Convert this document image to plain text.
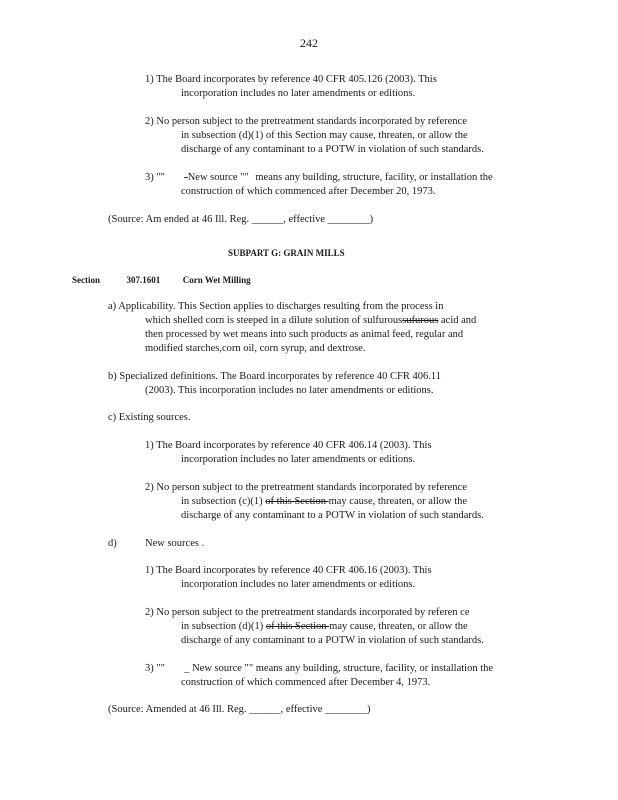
242
1) The Board incorporates by reference 40 CFR 405.126 (2003). This
incorporation includes no later amendments or editions.
2) No person subject to the pretreatment standards incorporated by reference
in subsection (d)(1) of this Section may cause, threaten, or allow the
discharge of any contaminant to a POTW in violation of such standards.
3) "" -New source "" means any building, structure, facility, or installation the
construction of which commenced after December 20, 1973.
(Source: Am ended at 46 Ill. Reg. ______, effective ________)
SUBPART G: GRAIN MILLS
Section	307.1601	Corn Wet Milling
a) Applicability. This Section applies to discharges resulting from the process in
which shelled corn is steeped in a dilute solution of sulfuroussufurous acid and
then processed by wet means into such products as animal feed, regular and
modified starches,corn oil, corn syrup, and dextrose.
b) Specialized definitions. The Board incorporates by reference 40 CFR 406.11
(2003). This incorporation includes no later amendments or editions.
c) Existing sources.
1) The Board incorporates by reference 40 CFR 406.14 (2003). This
incorporation includes no later amendments or editions.
2) No person subject to the pretreatment standards incorporated by reference
in subsection (c)(1) of this Section may cause, threaten, or allow the
discharge of any contaminant to a POTW in violation of such standards.
d)	New sources .
1) The Board incorporates by reference 40 CFR 406.16 (2003). This
incorporation includes no later amendments or editions.
2) No person subject to the pretreatment standards incorporated by referen ce
in subsection (d)(1) of this Section may cause, threaten, or allow the
discharge of any contaminant to a POTW in violation of such standards.
3) "" _ New source "" means any building, structure, facility, or installation the
construction of which commenced after December 4, 1973.
(Source: Amended at 46 Ill. Reg. ______, effective ________)
